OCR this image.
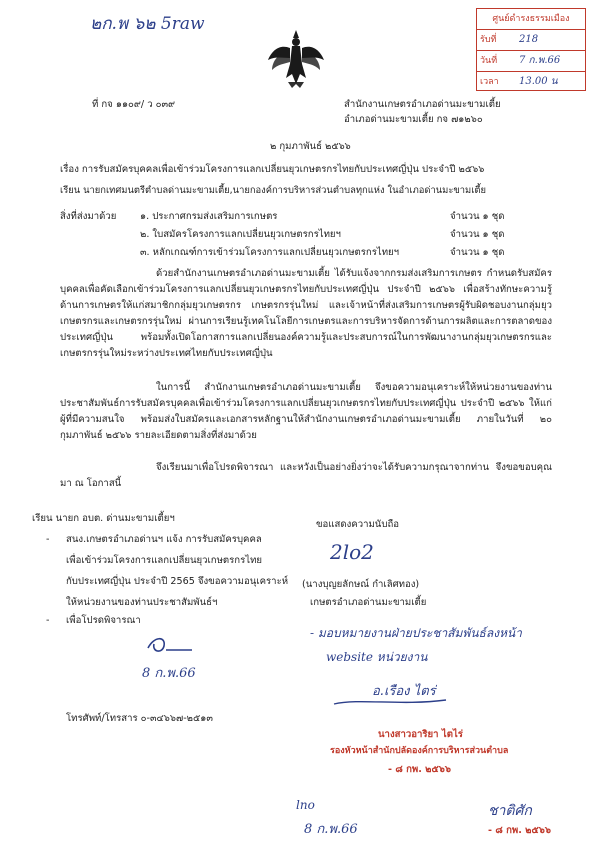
๒ก.พ ๖๒ 5raw	ศูนย์ดำรงธรรมเมือง
รับที่ 218
วันที่ 7 ก.พ.66
เวลา 13.00 น
ที่ กจ ๑๑๐๙/ ว ๐๓๙	สำนักงานเกษตรอำเภอด่านมะขามเตี้ย
อำเภอด่านมะขามเตี้ย กจ ๗๑๒๖๐
๒ กุมภาพันธ์ ๒๕๖๖
เรื่อง การรับสมัครบุคคลเพื่อเข้าร่วมโครงการแลกเปลี่ยนยุวเกษตรกรไทยกับประเทศญี่ปุ่น ประจำปี ๒๕๖๖
เรียน นายกเทศมนตรีตำบลด่านมะขามเตี้ย,นายกองค์การบริหารส่วนตำบลทุกแห่ง ในอำเภอด่านมะขามเตี้ย
สิ่งที่ส่งมาด้วย ๑. ประกาศกรมส่งเสริมการเกษตร	จำนวน ๑ ชุด
๒. ใบสมัครโครงการแลกเปลี่ยนยุวเกษตรกรไทยฯ	จำนวน ๑ ชุด
๓. หลักเกณฑ์การเข้าร่วมโครงการแลกเปลี่ยนยุวเกษตรกรไทยฯ	จำนวน ๑ ชุด
ด้วยสำนักงานเกษตรอำเภอด่านมะขามเตี้ย ได้รับแจ้งจากกรมส่งเสริมการเกษตร กำหนดรับสมัครบุคคลเพื่อคัดเลือกเข้าร่วมโครงการแลกเปลี่ยนยุวเกษตรกรไทยกับประเทศญี่ปุ่น ประจำปี ๒๕๖๖ เพื่อสร้างทักษะความรู้ด้านการเกษตรให้แก่สมาชิกกลุ่มยุวเกษตรกร เกษตรกรรุ่นใหม่ และเจ้าหน้าที่ส่งเสริมการเกษตรผู้รับผิดชอบงานกลุ่มยุวเกษตรกรและเกษตรกรรุ่นใหม่ ผ่านการเรียนรู้เทคโนโลยีการเกษตรและการบริหารจัดการด้านการผลิตและการตลาดของประเทศญี่ปุ่น พร้อมทั้งเปิดโอกาสการแลกเปลี่ยนองค์ความรู้และประสบการณ์ในการพัฒนางานกลุ่มยุวเกษตรกรและเกษตรกรรุ่นใหม่ระหว่างประเทศไทยกับประเทศญี่ปุ่น
ในการนี้ สำนักงานเกษตรอำเภอด่านมะขามเตี้ย จึงขอความอนุเคราะห์ให้หน่วยงานของท่านประชาสัมพันธ์การรับสมัครบุคคลเพื่อเข้าร่วมโครงการแลกเปลี่ยนยุวเกษตรกรไทยกับประเทศญี่ปุ่น ประจำปี ๒๕๖๖ ให้แก่ผู้ที่มีความสนใจ พร้อมส่งใบสมัครและเอกสารหลักฐานให้สำนักงานเกษตรอำเภอด่านมะขามเตี้ย ภายในวันที่ ๒๐ กุมภาพันธ์ ๒๕๖๖ รายละเอียดตามสิ่งที่ส่งมาด้วย
จึงเรียนมาเพื่อโปรดพิจารณา และหวังเป็นอย่างยิ่งว่าจะได้รับความกรุณาจากท่าน จึงขอขอบคุณมา ณ โอกาสนี้
เรียน นายก อบต. ด่านมะขามเตี้ยฯ
- สนง.เกษตรอำเภอด่านฯ แจ้ง การรับสมัครบุคคล
เพื่อเข้าร่วมโครงการแลกเปลี่ยนยุวเกษตรกรไทย
กับประเทศญี่ปุ่น ประจำปี 2565 จึงขอความอนุเคราะห์
ให้หน่วยงานของท่านประชาสัมพันธ์ฯ
- เพื่อโปรดพิจารณา
ขอแสดงความนับถือ
2lo2
(นางบุญยลักษณ์ กำเลิศทอง)
เกษตรอำเภอด่านมะขามเตี้ย
- มอบหมายงานฝ่ายประชาสัมพันธ์ลงหน้า
website หน่วยงาน
8 ก.พ.66
อ.เรือง ไตร่
โทรศัพท์/โทรสาร ๐-๓๔๖๖๗-๒๕๑๓
นางสาวอาริยา ไตไร่
รองหัวหน้าสำนักปลัดองค์การบริหารส่วนตำบล
- ๘ กพ. ๒๕๖๖
lno
8 ก.พ.66
ชาติศัก
- ๘ กพ. ๒๕๖๖
